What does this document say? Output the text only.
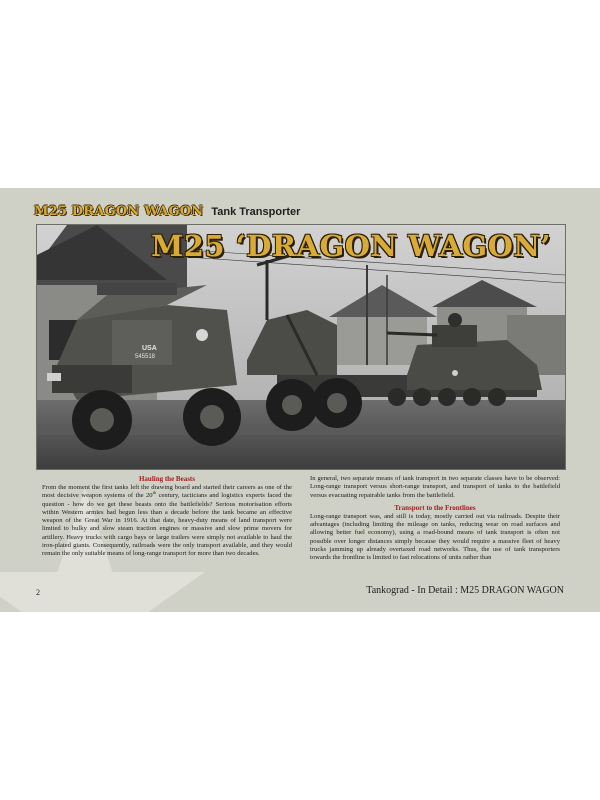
M25 DRAGON WAGON Tank Transporter
USA
545518
M25 ‘DRAGON WAGON’
Hauling the Beasts

From the moment the first tanks left the drawing board and started their careers as one of the most decisive weapon systems of the 20th century, tacticians and logistics experts faced the question - how do we get these beasts onto the battlefields? Serious motorisation efforts within Western armies had begun less than a decade before the tank became an effective weapon of the Great War in 1916. At that date, heavy-duty means of land transport were limited to bulky and slow steam traction engines or massive and slow prime movers for artillery. Heavy trucks with cargo bays or large trailers were simply not available to haul the iron-plated giants. Consequently, railroads were the only transport available, and they would remain the only suitable means of long-range transport for more than two decades.

In general, two separate means of tank transport in two separate classes have to be observed: Long-range transport versus short-range transport, and transport of tanks to the battlefield versus evacuating repairable tanks from the battlefield.

Transport to the Frontlines

Long-range transport was, and still is today, mostly carried out via railroads. Despite their advantages (including limiting the mileage on tanks, reducing wear on road surfaces and allowing better fuel economy), using a road-bound means of tank transport is often not possible over longer distances simply because they would require a massive fleet of heavy trucks jamming up already overtaxed road networks. Thus, the use of tank transporters towards the frontline is limited to fast relocations of units rather than

2	Tankograd - In Detail : M25 DRAGON WAGON
